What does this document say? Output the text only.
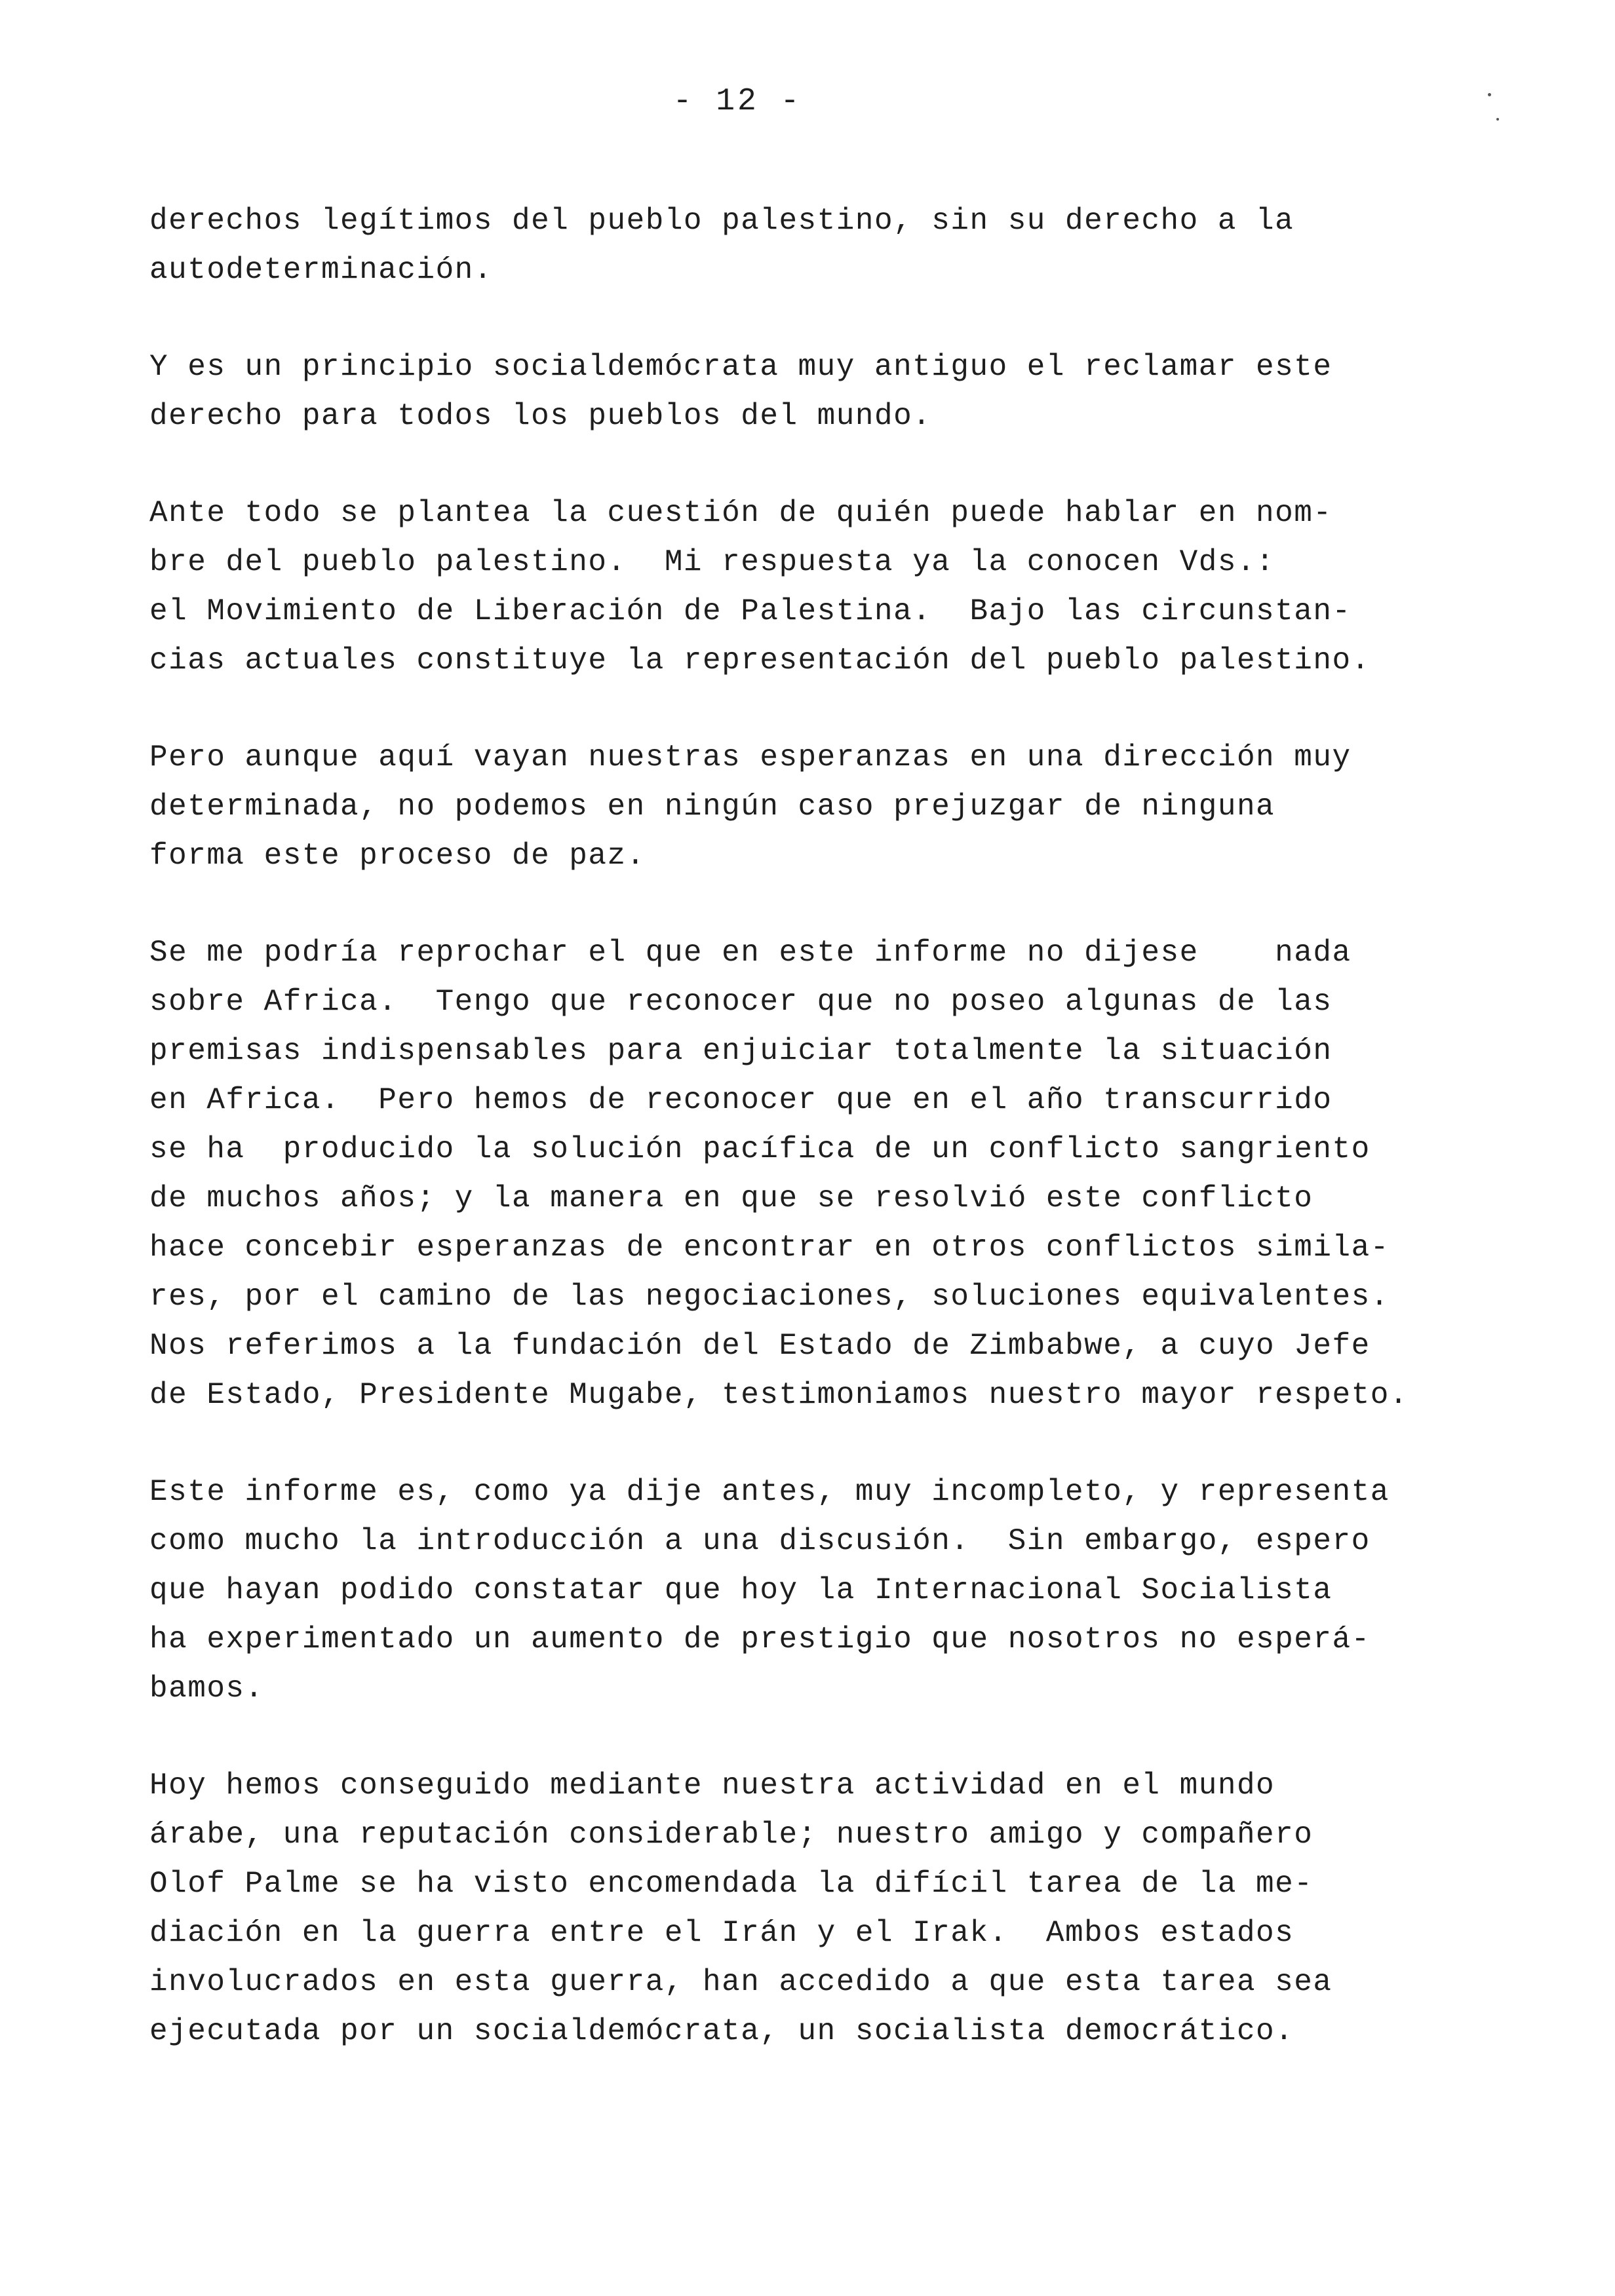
- 12 -
derechos legítimos del pueblo palestino, sin su derecho a la
autodeterminación.
Y es un principio socialdemócrata muy antiguo el reclamar este
derecho para todos los pueblos del mundo.
Ante todo se plantea la cuestión de quién puede hablar en nom-
bre del pueblo palestino.  Mi respuesta ya la conocen Vds.:
el Movimiento de Liberación de Palestina.  Bajo las circunstan-
cias actuales constituye la representación del pueblo palestino.
Pero aunque aquí vayan nuestras esperanzas en una dirección muy
determinada, no podemos en ningún caso prejuzgar de ninguna
forma este proceso de paz.
Se me podría reprochar el que en este informe no dijese    nada
sobre Africa.  Tengo que reconocer que no poseo algunas de las
premisas indispensables para enjuiciar totalmente la situación
en Africa.  Pero hemos de reconocer que en el año transcurrido
se ha  producido la solución pacífica de un conflicto sangriento
de muchos años; y la manera en que se resolvió este conflicto
hace concebir esperanzas de encontrar en otros conflictos simila-
res, por el camino de las negociaciones, soluciones equivalentes.
Nos referimos a la fundación del Estado de Zimbabwe, a cuyo Jefe
de Estado, Presidente Mugabe, testimoniamos nuestro mayor respeto.
Este informe es, como ya dije antes, muy incompleto, y representa
como mucho la introducción a una discusión.  Sin embargo, espero
que hayan podido constatar que hoy la Internacional Socialista
ha experimentado un aumento de prestigio que nosotros no esperá-
bamos.
Hoy hemos conseguido mediante nuestra actividad en el mundo
árabe, una reputación considerable; nuestro amigo y compañero
Olof Palme se ha visto encomendada la difícil tarea de la me-
diación en la guerra entre el Irán y el Irak.  Ambos estados
involucrados en esta guerra, han accedido a que esta tarea sea
ejecutada por un socialdemócrata, un socialista democrático.
